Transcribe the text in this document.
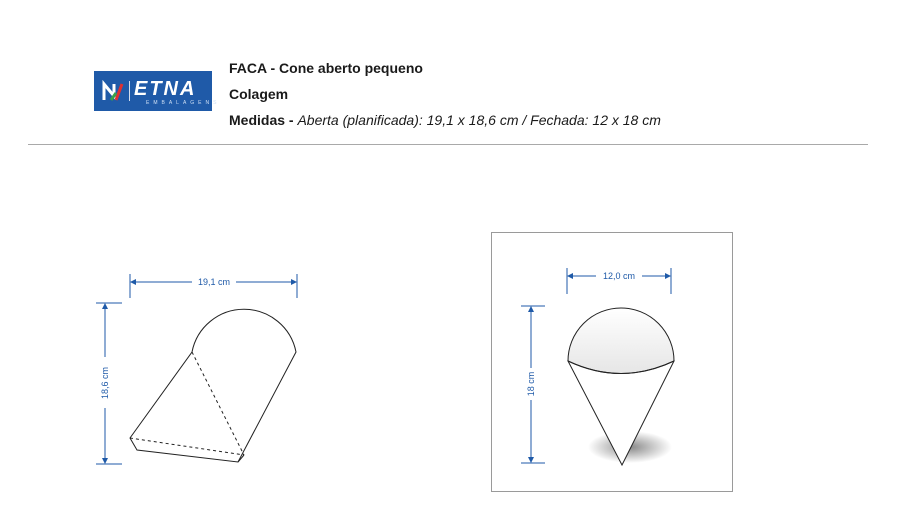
ETNA
EMBALAGENS
FACA - Cone aberto pequeno
Colagem
Medidas - Aberta (planificada): 19,1 x 18,6 cm / Fechada: 12 x 18 cm
19,1 cm
18,6 cm
12,0 cm
18 cm
